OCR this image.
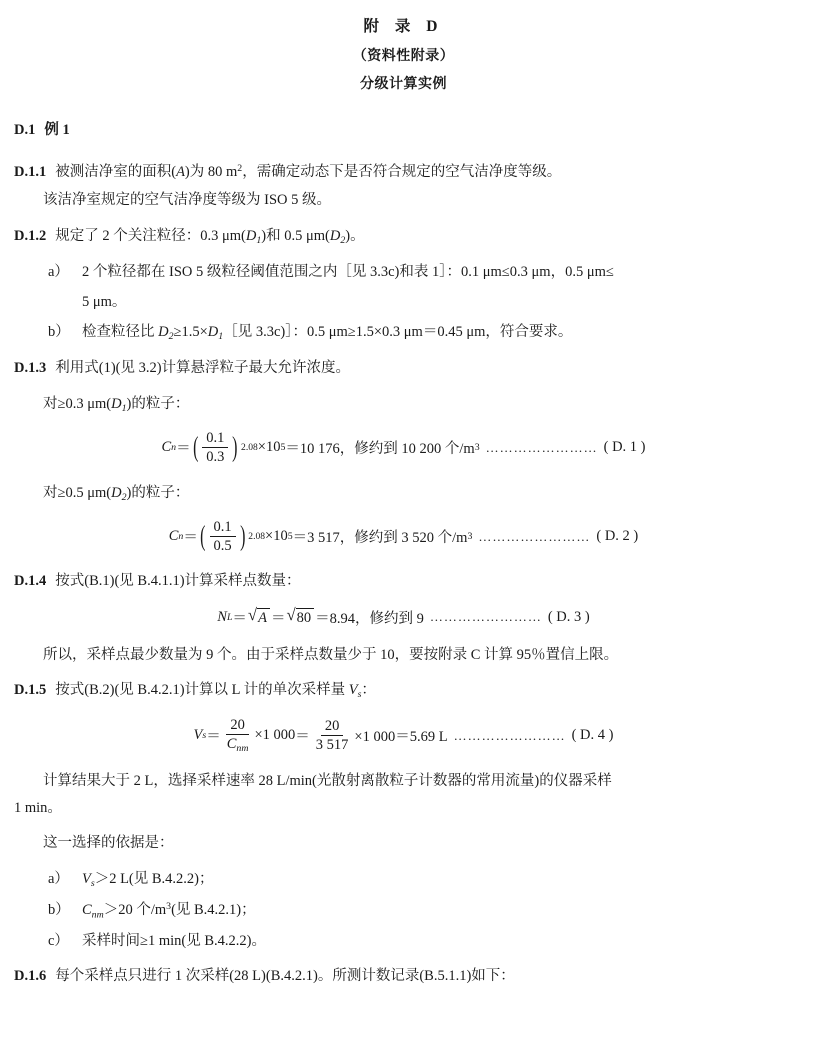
附 录 D
（资料性附录）
分级计算实例
D.1 例 1
D.1.1 被测洁净室的面积(A)为 80 $m^2$，需确定动态下是否符合规定的空气洁净度等级。
该洁净室规定的空气洁净度等级为 ISO 5 级。
D.1.2 规定了 2 个关注粒径：0.3 $\mu m(D_1)$和 0.5 $\mu m(D_2)$。
a） 2 个粒径都在 ISO 5 级粒径阈值范围之内［见 3.3c)和表 1］：0.1 μm≤0.3 μm，0.5 μm≤
5 μm。
b） 检查粒径比 $D_2\ge 1.5\times D_1[$见 3.3c)］：0.5 μm≥1.5×0.3 μm＝0.45 μm，符合要求。
D.1.3 利用式(1)(见 3.2)计算悬浮粒子最大允许浓度。
对≥0.3 $\mu m(D_1)$的粒子：
C n ＝ ( $\frac{0.1}{0.3}$ ) 2.08 ×10 5 ＝10 176，修约到 10 200 个/m 3 …………………… ( D. 1 )
对≥0.5 $\mu m(D_2)$的粒子：
C n ＝ ( $\frac{0.1}{0.5}$ ) 2.08 ×10 5 ＝3 517，修约到 3 520 个/m 3 …………………… ( D. 2 )
D.1.4 按式(B.1)(见 B.4.1.1)计算采样点数量：
N L ＝ √ A ＝ √ 80 ＝8.94，修约到 9 …………………… ( D. 3 )
所以，采样点最少数量为 9 个。由于采样点数量少于 10，要按附录 C 计算 95％置信上限。
D.1.5 按式(B.2)(见 B.4.2.1)计算以 L 计的单次采样量 $V_s$：
V $s = \frac{20}{C_{nm}} \times 1$ $000 = \frac{20}{3 517} \times 1$ 000＝5.69 L …………………… ( D. 4 )
计算结果大于 2 L，选择采样速率 28 L/min(光散射离散粒子计数器的常用流量)的仪器采样
1 min。
这一选择的依据是：
a） $V_s>2$ L(见 B.4.2.2)；
b） $C_{nm}>20$ 个$/m^3$(见 B.4.2.1)；
c） 采样时间≥1 min(见 B.4.2.2)。
D.1.6 每个采样点只进行 1 次采样(28 L)(B.4.2.1)。所测计数记录(B.5.1.1)如下：
